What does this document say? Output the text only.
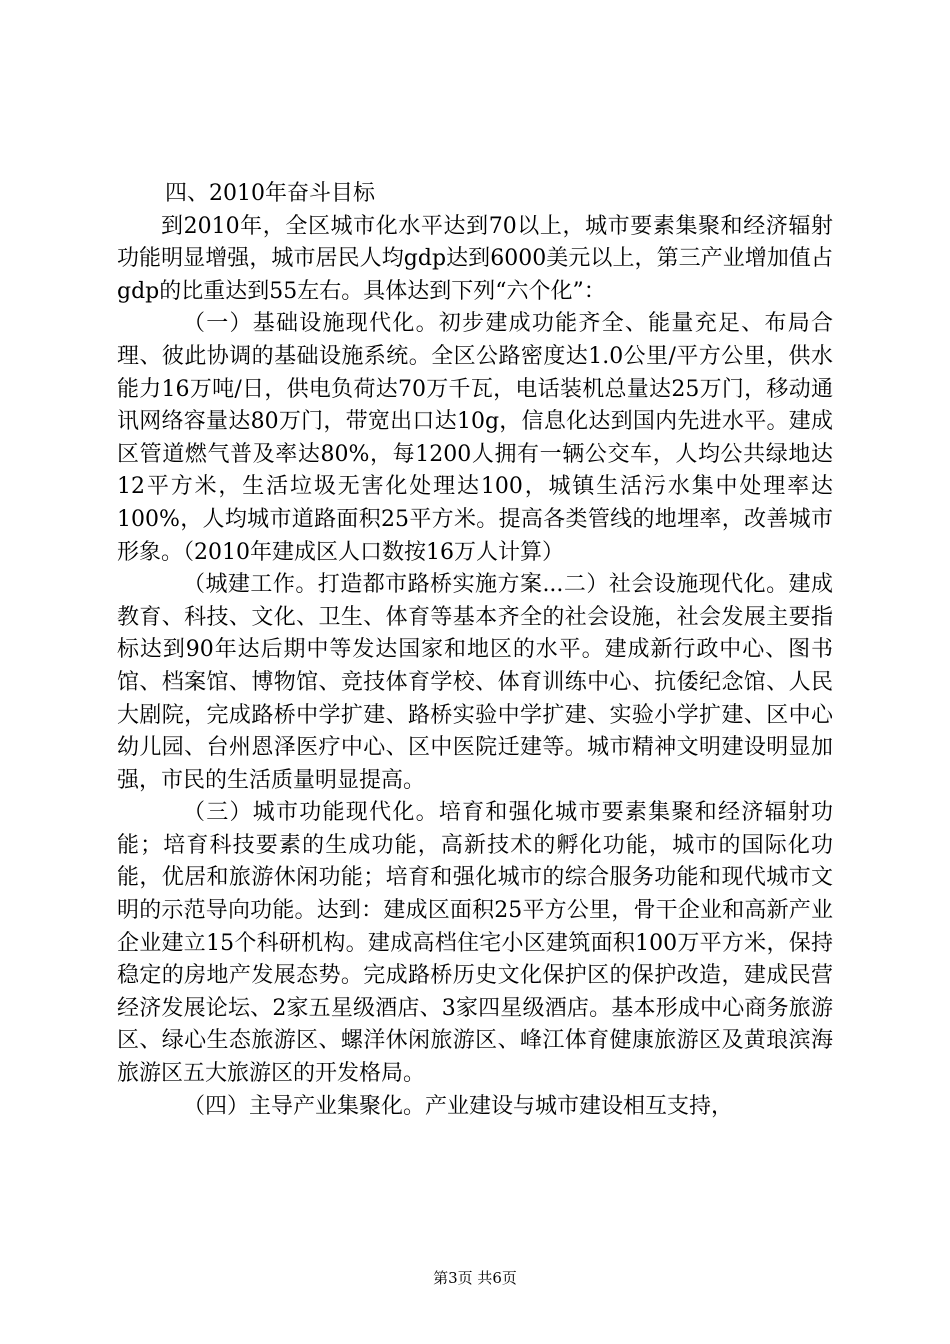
四、2010年奋斗目标

到2010年，全区城市化水平达到70以上，城市要素集聚和经济辐射功能明显增强，城市居民人均gdp达到6000美元以上，第三产业增加值占gdp的比重达到55左右。具体达到下列“六个化”：

（一）基础设施现代化。初步建成功能齐全、能量充足、布局合理、彼此协调的基础设施系统。全区公路密度达1.0公里/平方公里，供水能力16万吨/日，供电负荷达70万千瓦，电话装机总量达25万门，移动通讯网络容量达80万门，带宽出口达10g，信息化达到国内先进水平。建成区管道燃气普及率达80%，每1200人拥有一辆公交车，人均公共绿地达12平方米，生活垃圾无害化处理达100，城镇生活污水集中处理率达100%，人均城市道路面积25平方米。提高各类管线的地埋率，改善城市形象。（2010年建成区人口数按16万人计算）

（城建工作。打造都市路桥实施方案...二）社会设施现代化。建成教育、科技、文化、卫生、体育等基本齐全的社会设施，社会发展主要指标达到90年达后期中等发达国家和地区的水平。建成新行政中心、图书馆、档案馆、博物馆、竞技体育学校、体育训练中心、抗倭纪念馆、人民大剧院，完成路桥中学扩建、路桥实验中学扩建、实验小学扩建、区中心幼儿园、台州恩泽医疗中心、区中医院迁建等。城市精神文明建设明显加强，市民的生活质量明显提高。

（三）城市功能现代化。培育和强化城市要素集聚和经济辐射功能；培育科技要素的生成功能，高新技术的孵化功能，城市的国际化功能，优居和旅游休闲功能；培育和强化城市的综合服务功能和现代城市文明的示范导向功能。达到：建成区面积25平方公里，骨干企业和高新产业企业建立15个科研机构。建成高档住宅小区建筑面积100万平方米，保持稳定的房地产发展态势。完成路桥历史文化保护区的保护改造，建成民营经济发展论坛、2家五星级酒店、3家四星级酒店。基本形成中心商务旅游区、绿心生态旅游区、螺洋休闲旅游区、峰江体育健康旅游区及黄琅滨海旅游区五大旅游区的开发格局。

（四）主导产业集聚化。产业建设与城市建设相互支持，

第3页 共6页
